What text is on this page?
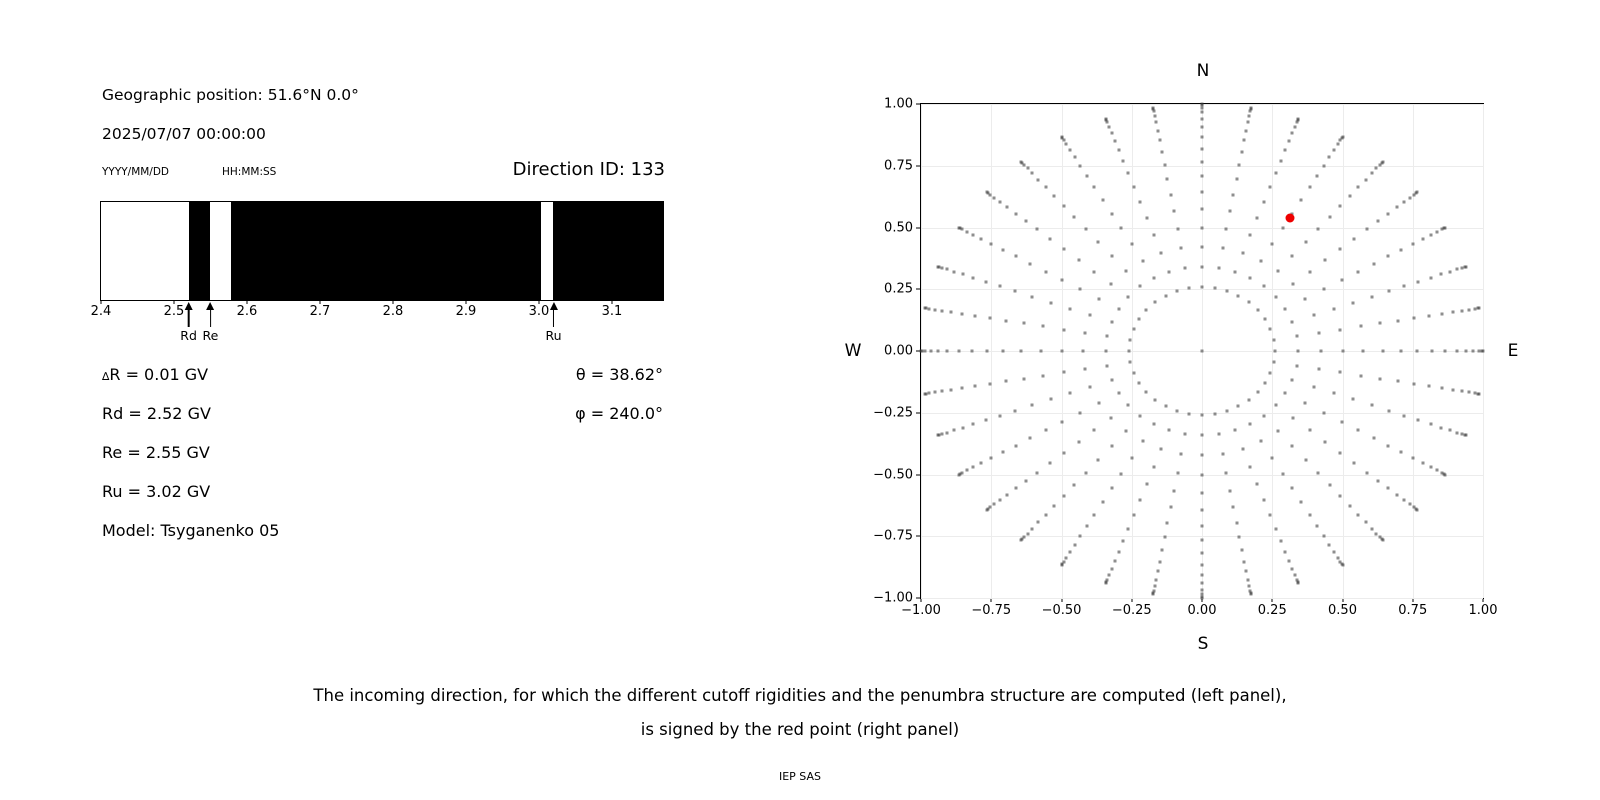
Geographic position: 51.6°N 0.0°
2025/07/07 00:00:00
YYYY/MM/DD	HH:MM:SS	Direction ID: 133
2.4	2.5	2.6	2.7	2.8	2.9	3.0	3.1
Rd Re	Ru
∆R = 0.01 GV
Rd = 2.52 GV
Re = 2.55 GV
Ru = 3.02 GV
Model: Tsyganenko 05
θ = 38.62°
φ = 240.0°
N
S
W	E
−1.00 −0.75 −0.50 −0.25	0.00	0.25	0.50	0.75	1.00
1.00
0.75
0.50
0.25
0.00
−0.25
−0.50
−0.75
−1.00
The incoming direction, for which the different cutoff rigidities and the penumbra structure are computed (left panel),
is signed by the red point (right panel)
IEP SAS
